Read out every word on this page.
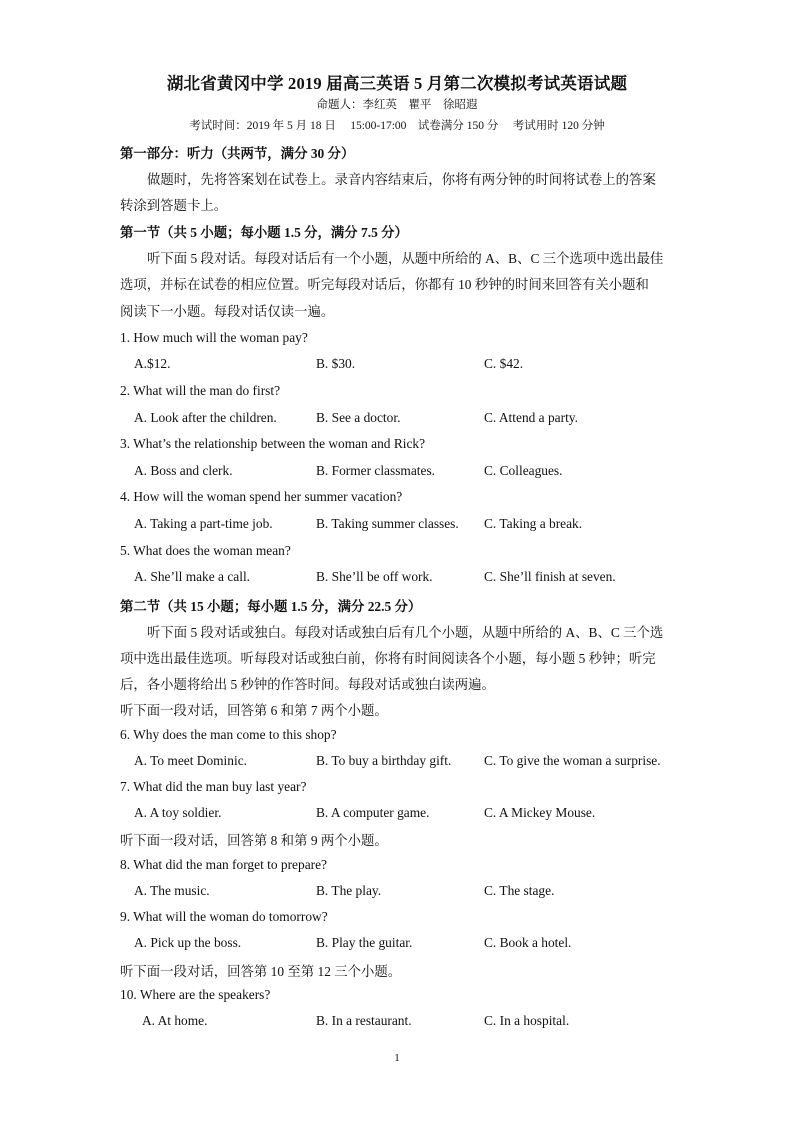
湖北省黄冈中学 2019 届高三英语 5 月第二次模拟考试英语试题
命题人：李红英　瞿平　徐昭遐
考试时间：2019 年 5 月 18 日　 15:00-17:00　试卷满分 150 分　 考试用时 120 分钟
第一部分：听力（共两节，满分 30 分）
做题时，先将答案划在试卷上。录音内容结束后，你将有两分钟的时间将试卷上的答案
转涂到答题卡上。
第一节（共 5 小题；每小题 1.5 分，满分 7.5 分）
听下面 5 段对话。每段对话后有一个小题，从题中所给的 A、B、C 三个选项中选出最佳
选项，并标在试卷的相应位置。听完每段对话后，你都有 10 秒钟的时间来回答有关小题和
阅读下一小题。每段对话仅读一遍。
1. How much will the woman pay?
A.$12.	B. $30.	C. $42.
2. What will the man do first?
A. Look after the children.	B. See a doctor.	C. Attend a party.
3. What’s the relationship between the woman and Rick?
A. Boss and clerk.	B. Former classmates.	C. Colleagues.
4. How will the woman spend her summer vacation?
A. Taking a part-time job.	B. Taking summer classes. C. Taking a break.
5. What does the woman mean?
A. She’ll make a call.	B. She’ll be off work.	C. She’ll finish at seven.
第二节（共 15 小题；每小题 1.5 分，满分 22.5 分）
听下面 5 段对话或独白。每段对话或独白后有几个小题，从题中所给的 A、B、C 三个选
项中选出最佳选项。听每段对话或独白前，你将有时间阅读各个小题，每小题 5 秒钟；听完
后，各小题将给出 5 秒钟的作答时间。每段对话或独白读两遍。
听下面一段对话，回答第 6 和第 7 两个小题。
6. Why does the man come to this shop?
A. To meet Dominic.	B. To buy a birthday gift. C. To give the woman a surprise.
7. What did the man buy last year?
A. A toy soldier.	B. A computer game.	C. A Mickey Mouse.
听下面一段对话，回答第 8 和第 9 两个小题。
8. What did the man forget to prepare?
A. The music.	B. The play.	C. The stage.
9. What will the woman do tomorrow?
A. Pick up the boss.	B. Play the guitar.	C. Book a hotel.
听下面一段对话，回答第 10 至第 12 三个小题。
10. Where are the speakers?
A. At home.	B. In a restaurant.	C. In a hospital.
1
